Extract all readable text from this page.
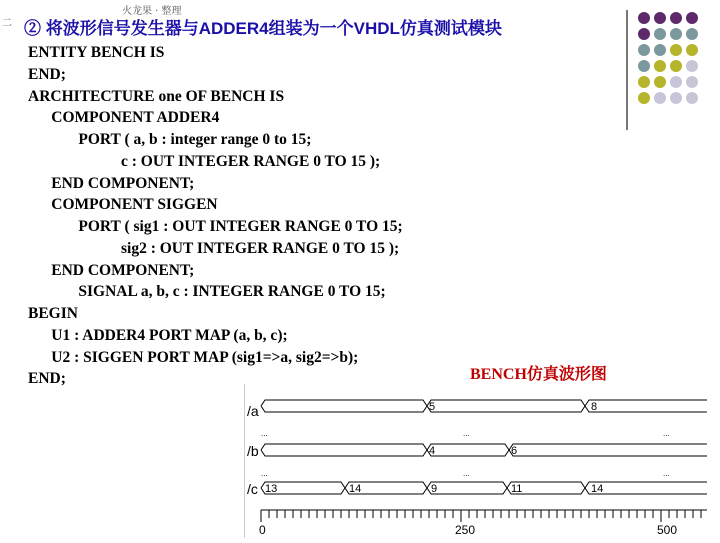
二
火龙果 · 整理
② 将波形信号发生器与ADDER4组装为一个VHDL仿真测试模块
ENTITY BENCH IS
END;
ARCHITECTURE one OF BENCH IS
COMPONENT ADDER4
PORT ( a, b : integer range 0 to 15;
c : OUT INTEGER RANGE 0 TO 15 );
END COMPONENT;
COMPONENT SIGGEN
PORT ( sig1 : OUT INTEGER RANGE 0 TO 15;
sig2 : OUT INTEGER RANGE 0 TO 15 );
END COMPONENT;
SIGNAL a, b, c : INTEGER RANGE 0 TO 15;
BEGIN
U1 : ADDER4 PORT MAP (a, b, c);
U2 : SIGGEN PORT MAP (sig1=>a, sig2=>b);
END;	BENCH仿真波形图
/a	5	8
...	...	...
/b	4	6
...	...	...
/c 13	14	9	11	14
0	250	500
